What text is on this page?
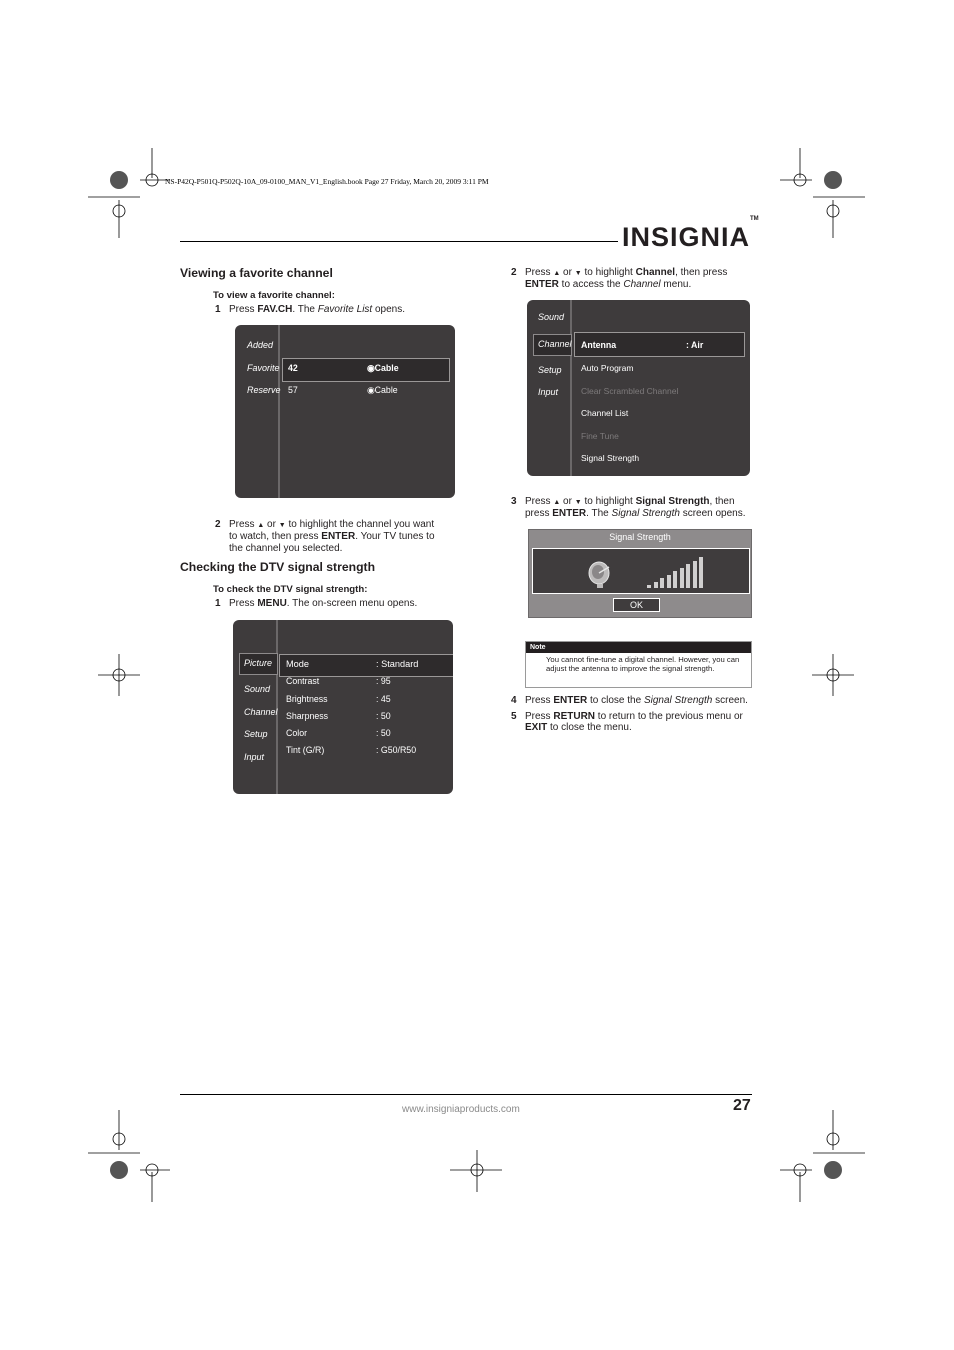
NS-P42Q-P501Q-P502Q-10A_09-0100_MAN_V1_English.book Page 27 Friday, March 20, 2009 3:11 PM
INSIGNIA™
Viewing a favorite channel
To view a favorite channel:
1 Press FAV.CH. The Favorite List opens.
Added
Favorite
Reserve
42	◉Cable
57	◉Cable
2 Press ▲ or ▼ to highlight the channel you want
to watch, then press ENTER. Your TV tunes to
the channel you selected.
Checking the DTV signal strength
To check the DTV signal strength:
1 Press MENU. The on-screen menu opens.
Picture
Sound
Channel
Setup
Input
Mode	: Standard
Contrast	: 95
Brightness	: 45
Sharpness	: 50
Color	: 50
Tint (G/R)	: G50/R50
2 Press ▲ or ▼ to highlight Channel, then press
ENTER to access the Channel menu.
Sound
Channel
Setup
Input
Antenna	: Air
Auto Program
Clear Scrambled Channel
Channel List
Fine Tune
Signal Strength
3 Press ▲ or ▼ to highlight Signal Strength, then
press ENTER. The Signal Strength screen opens.
Signal Strength
OK
Note
You cannot fine-tune a digital channel. However, you can adjust the antenna to improve the signal strength.
4 Press ENTER to close the Signal Strength screen.
5 Press RETURN to return to the previous menu or
EXIT to close the menu.
www.insigniaproducts.com	27
